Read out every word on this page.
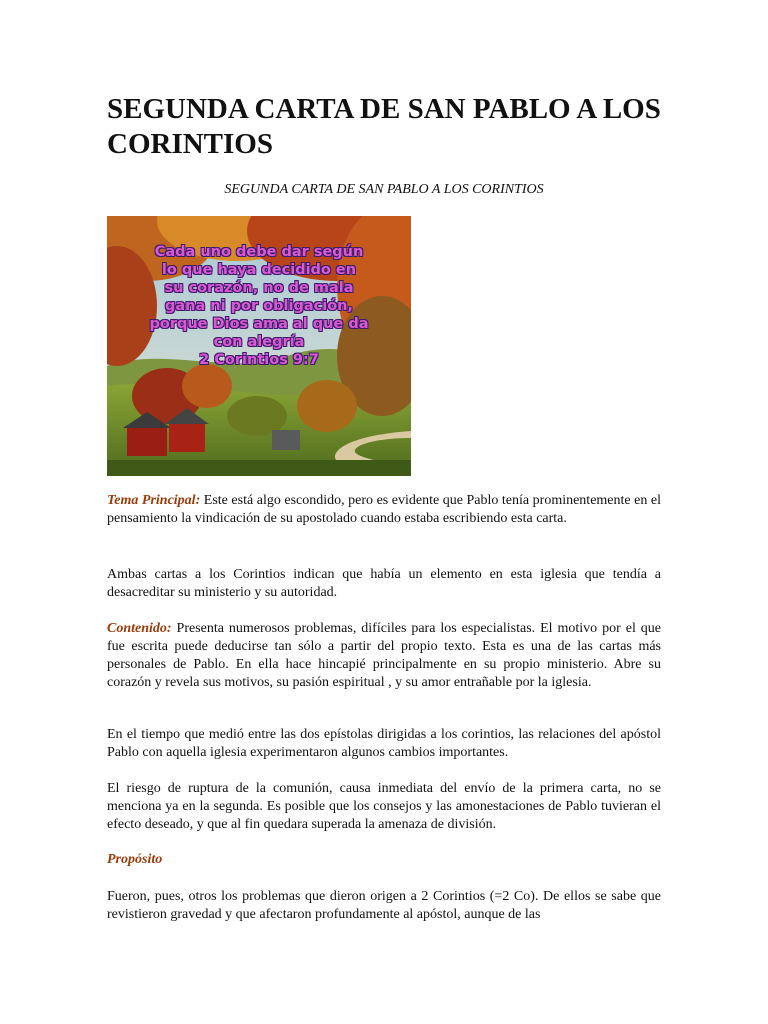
SEGUNDA CARTA DE SAN PABLO A LOS CORINTIOS

SEGUNDA CARTA DE SAN PABLO A LOS CORINTIOS

Cada uno debe dar según
lo que haya decidido en
su corazón, no de mala
gana ni por obligación,
porque Dios ama al que da
con alegría
2 Corintios 9:7

Tema Principal: Este está algo escondido, pero es evidente que Pablo tenía prominentemente en el pensamiento la vindicación de su apostolado cuando estaba escribiendo esta carta.

Ambas cartas a los Corintios indican que había un elemento en esta iglesia que tendía a desacreditar su ministerio y su autoridad.

Contenido: Presenta numerosos problemas, difíciles para los especialistas. El motivo por el que fue escrita puede deducirse tan sólo a partir del propio texto. Esta es una de las cartas más personales de Pablo. En ella hace hincapié principalmente en su propio ministerio. Abre su corazón y revela sus motivos, su pasión espiritual , y su amor entrañable por la iglesia.

En el tiempo que medió entre las dos epístolas dirigidas a los corintios, las relaciones del apóstol Pablo con aquella iglesia experimentaron algunos cambios importantes.

El riesgo de ruptura de la comunión, causa inmediata del envío de la primera carta, no se menciona ya en la segunda. Es posible que los consejos y las amonestaciones de Pablo tuvieran el efecto deseado, y que al fin quedara superada la amenaza de división.

Propósito

Fueron, pues, otros los problemas que dieron origen a 2 Corintios (=2 Co). De ellos se sabe que revistieron gravedad y que afectaron profundamente al apóstol, aunque de las
